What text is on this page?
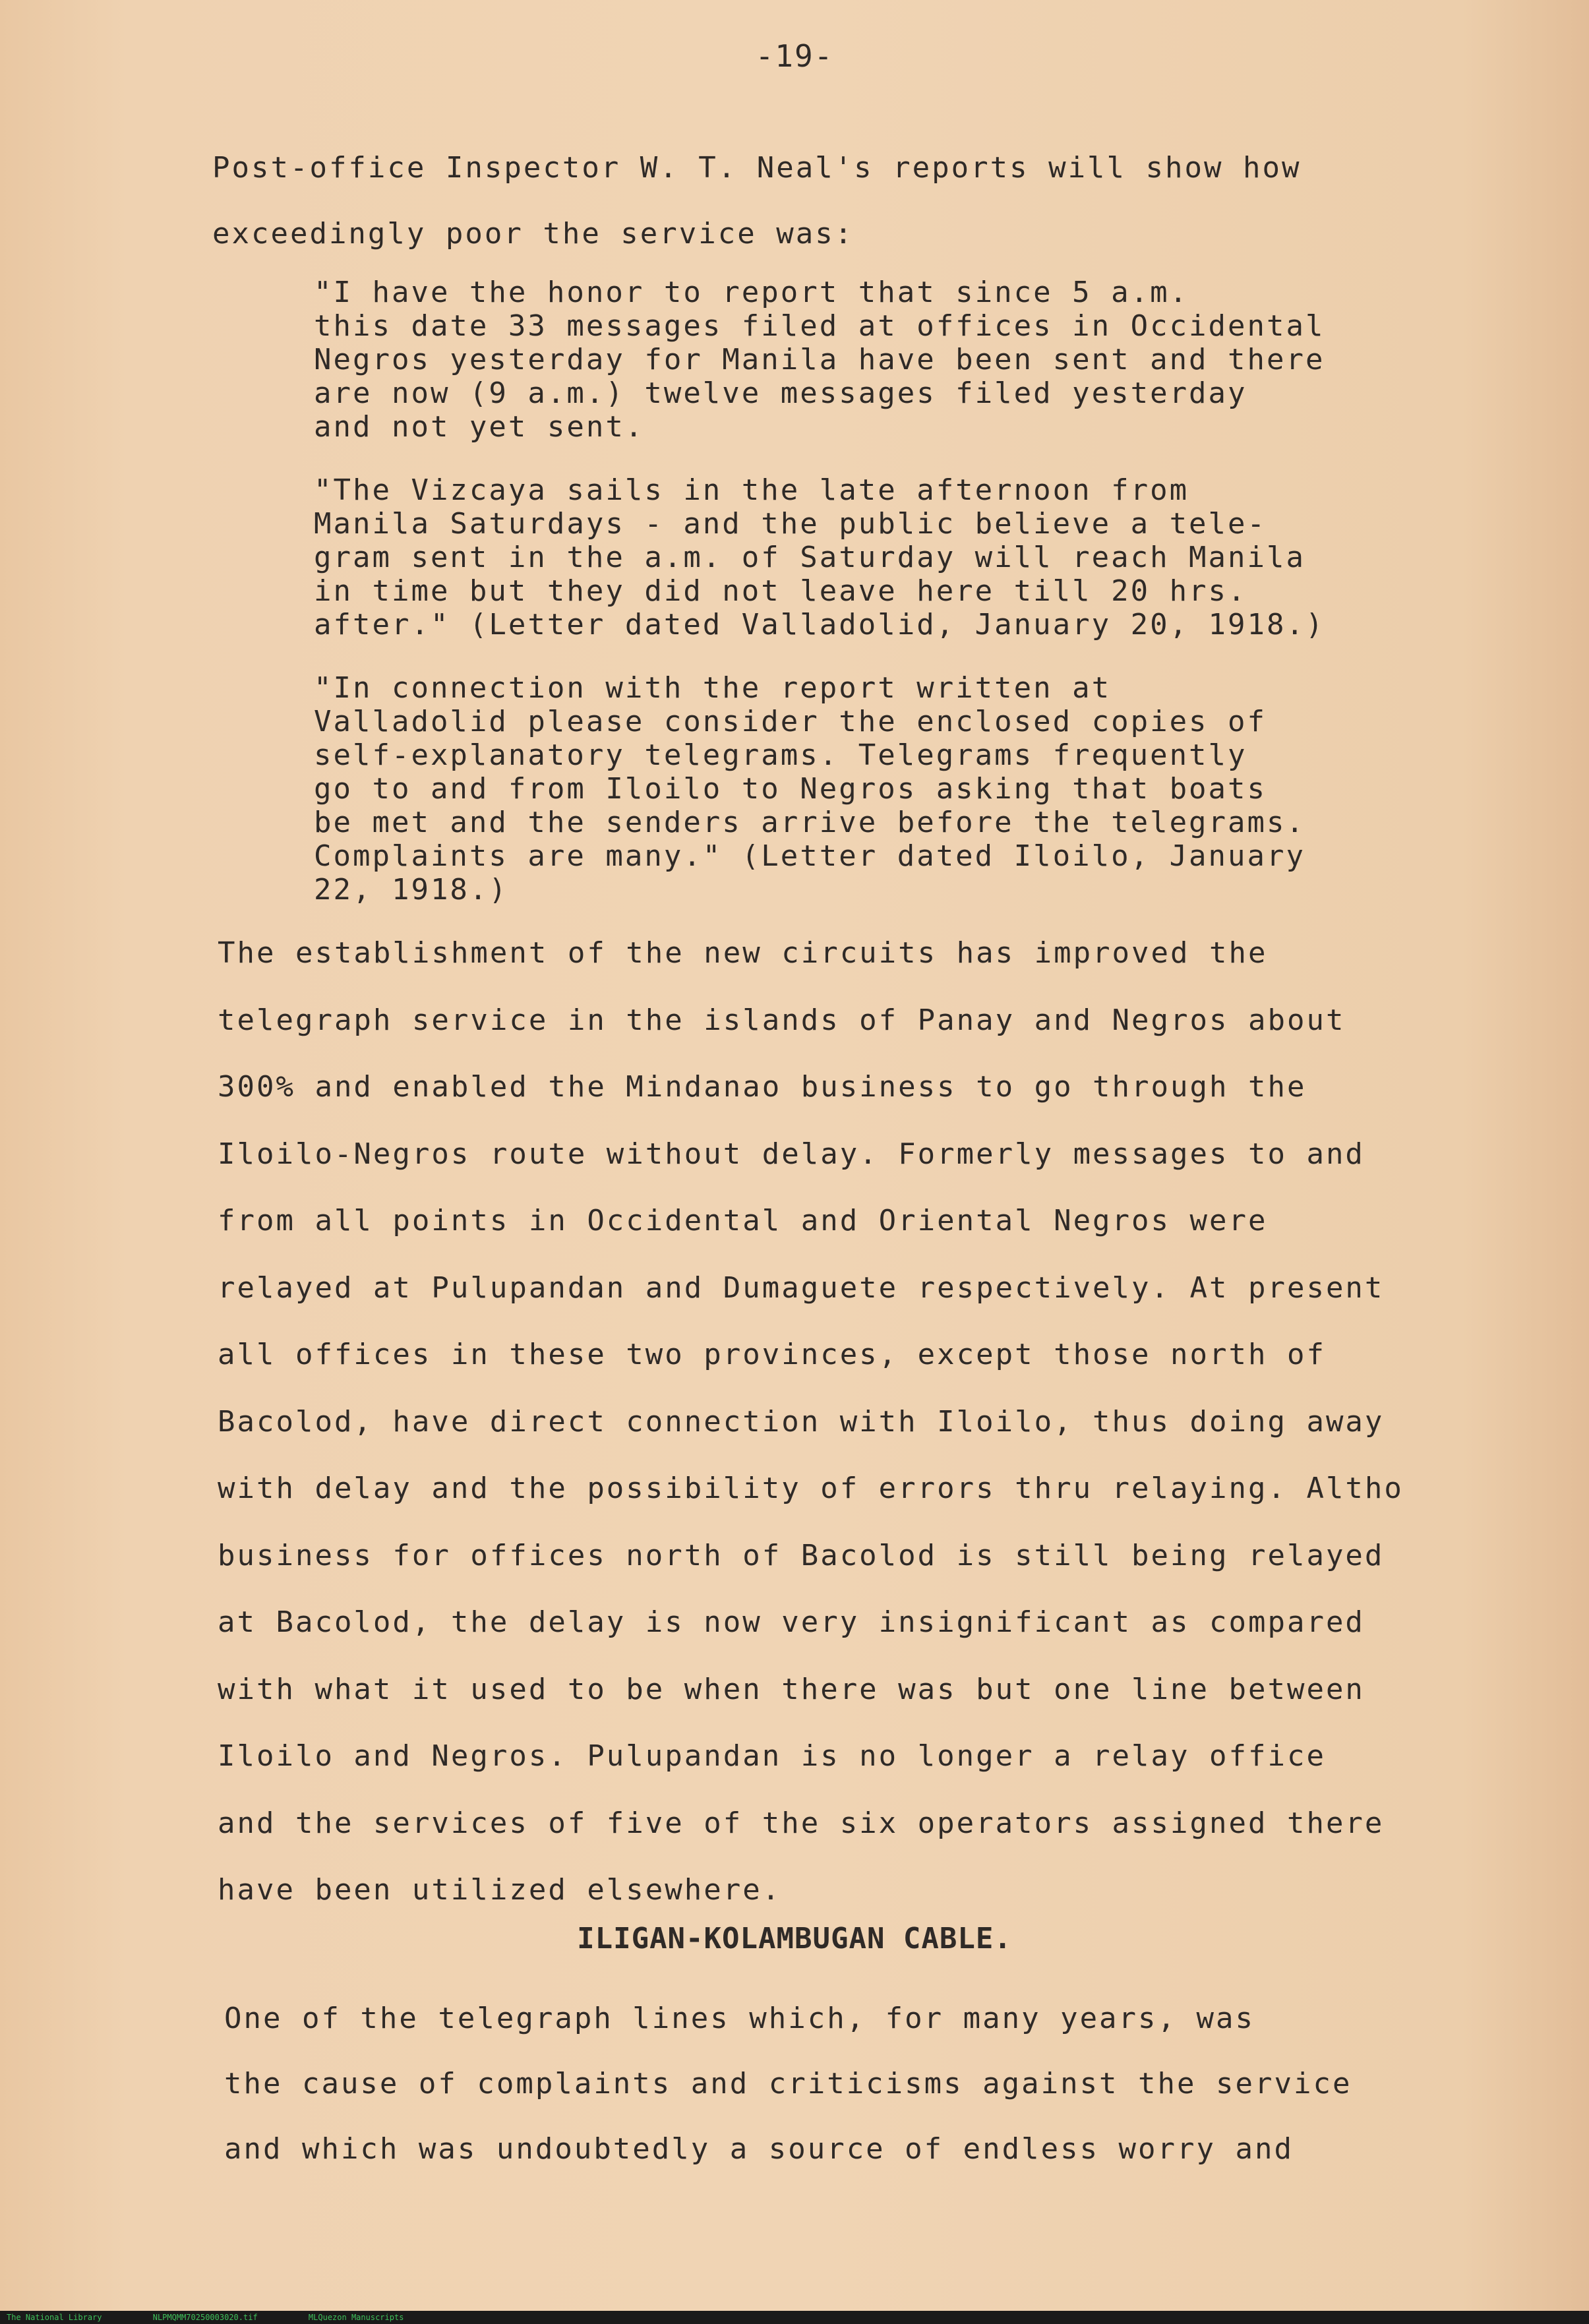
-19-

Post-office Inspector W. T. Neal's reports will show how
exceedingly poor the service was:

"I have the honor to report that since 5 a.m.
this date 33 messages filed at offices in Occidental
Negros yesterday for Manila have been sent and there
are now (9 a.m.) twelve messages filed yesterday
and not yet sent.

"The Vizcaya sails in the late afternoon from
Manila Saturdays - and the public believe a tele-
gram sent in the a.m. of Saturday will reach Manila
in time but they did not leave here till 20 hrs.
after." (Letter dated Valladolid, January 20, 1918.)

"In connection with the report written at
Valladolid please consider the enclosed copies of
self-explanatory telegrams. Telegrams frequently
go to and from Iloilo to Negros asking that boats
be met and the senders arrive before the telegrams.
Complaints are many." (Letter dated Iloilo, January
22, 1918.)

The establishment of the new circuits has improved the
telegraph service in the islands of Panay and Negros about
300% and enabled the Mindanao business to go through the
Iloilo-Negros route without delay. Formerly messages to and
from all points in Occidental and Oriental Negros were
relayed at Pulupandan and Dumaguete respectively. At present
all offices in these two provinces, except those north of
Bacolod, have direct connection with Iloilo, thus doing away
with delay and the possibility of errors thru relaying. Altho
business for offices north of Bacolod is still being relayed
at Bacolod, the delay is now very insignificant as compared
with what it used to be when there was but one line between
Iloilo and Negros. Pulupandan is no longer a relay office
and the services of five of the six operators assigned there
have been utilized elsewhere.

ILIGAN-KOLAMBUGAN CABLE.

One of the telegraph lines which, for many years, was
the cause of complaints and criticisms against the service
and which was undoubtedly a source of endless worry and

The National Library	NLPMQMM70250003020.tif	MLQuezon Manuscripts
